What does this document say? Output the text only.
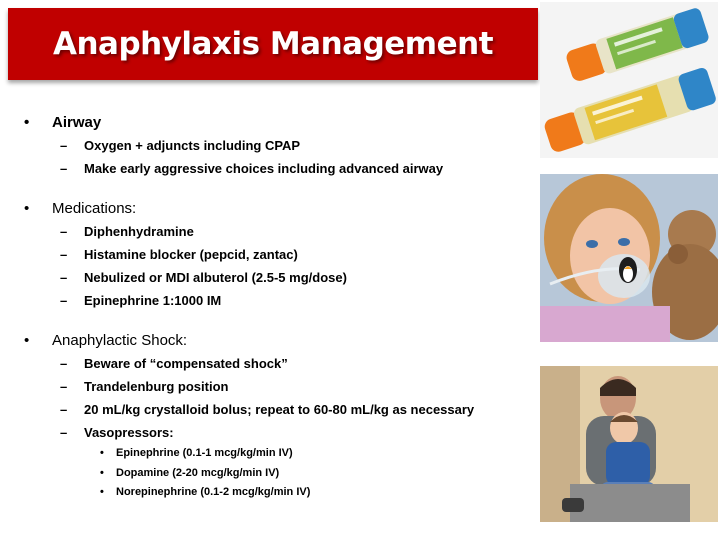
Anaphylaxis Management
• Airway
– Oxygen + adjuncts including CPAP
– Make early aggressive choices including advanced airway
• Medications:
– Diphenhydramine
– Histamine blocker (pepcid, zantac)
– Nebulized or MDI albuterol (2.5-5 mg/dose)
– Epinephrine 1:1000 IM
• Anaphylactic Shock:
– Beware of “compensated shock”
– Trandelenburg position
– 20 mL/kg crystalloid bolus; repeat to 60-80 mL/kg as necessary
– Vasopressors:
• Epinephrine (0.1-1 mcg/kg/min IV)
• Dopamine (2-20 mcg/kg/min IV)
• Norepinephrine (0.1-2 mcg/kg/min IV)
